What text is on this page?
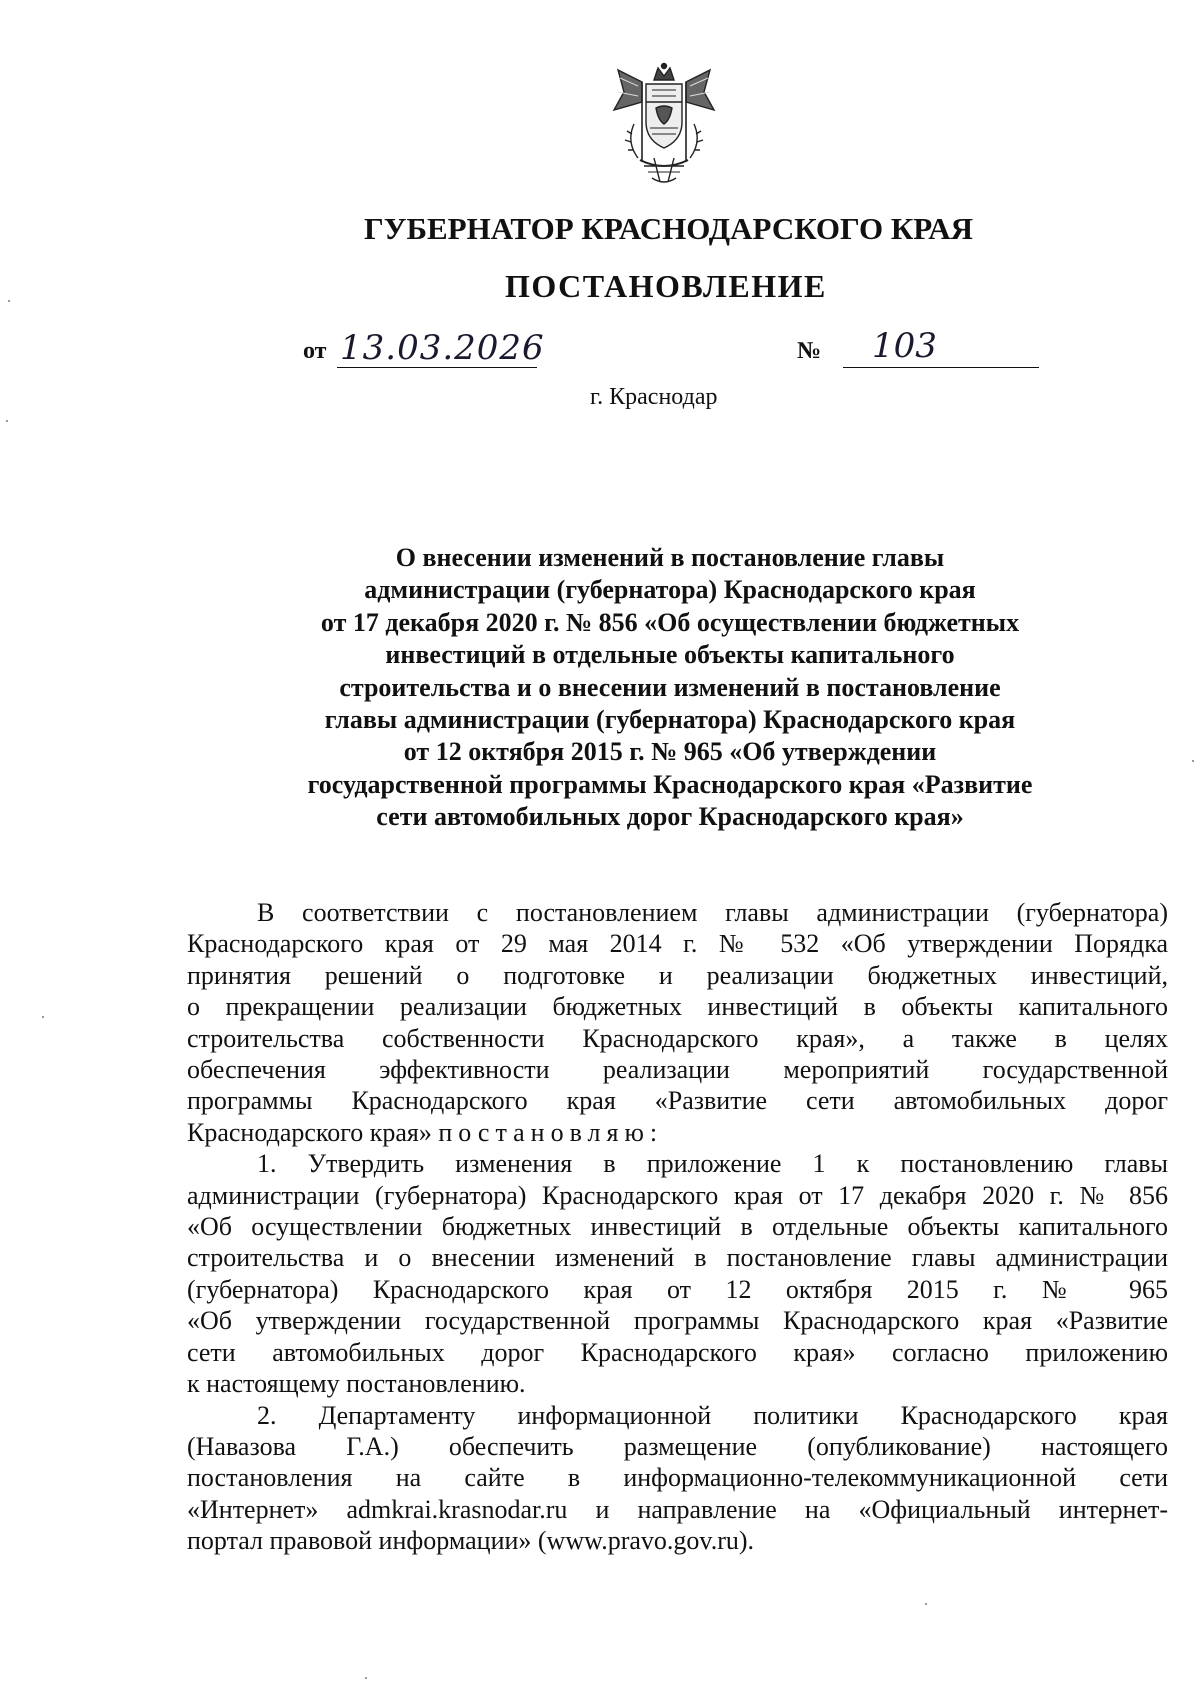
ГУБЕРНАТОР КРАСНОДАРСКОГО КРАЯ
ПОСТАНОВЛЕНИЕ
от 13.03.2026	№ 103
г. Краснодар
О внесении изменений в постановление главы
администрации (губернатора) Краснодарского края
от 17 декабря 2020 г. № 856 «Об осуществлении бюджетных
инвестиций в отдельные объекты капитального
строительства и о внесении изменений в постановление
главы администрации (губернатора) Краснодарского края
от 12 октября 2015 г. № 965 «Об утверждении
государственной программы Краснодарского края «Развитие
сети автомобильных дорог Краснодарского края»
В соответствии с постановлением главы администрации (губернатора)
Краснодарского края от 29 мая 2014 г. № 532 «Об утверждении Порядка
принятия решений о подготовке и реализации бюджетных инвестиций,
о прекращении реализации бюджетных инвестиций в объекты капитального
строительства собственности Краснодарского края», а также в целях
обеспечения эффективности реализации мероприятий государственной
программы Краснодарского края «Развитие сети автомобильных дорог
Краснодарского края» постановляю:
1. Утвердить изменения в приложение 1 к постановлению главы
администрации (губернатора) Краснодарского края от 17 декабря 2020 г. № 856
«Об осуществлении бюджетных инвестиций в отдельные объекты капитального
строительства и о внесении изменений в постановление главы администрации
(губернатора) Краснодарского края от 12 октября 2015 г. № 965
«Об утверждении государственной программы Краснодарского края «Развитие
сети автомобильных дорог Краснодарского края» согласно приложению
к настоящему постановлению.
2. Департаменту информационной политики Краснодарского края
(Навазова Г.А.) обеспечить размещение (опубликование) настоящего
постановления на сайте в информационно-телекоммуникационной сети
«Интернет» admkrai.krasnodar.ru и направление на «Официальный интернет-
портал правовой информации» (www.pravo.gov.ru).
